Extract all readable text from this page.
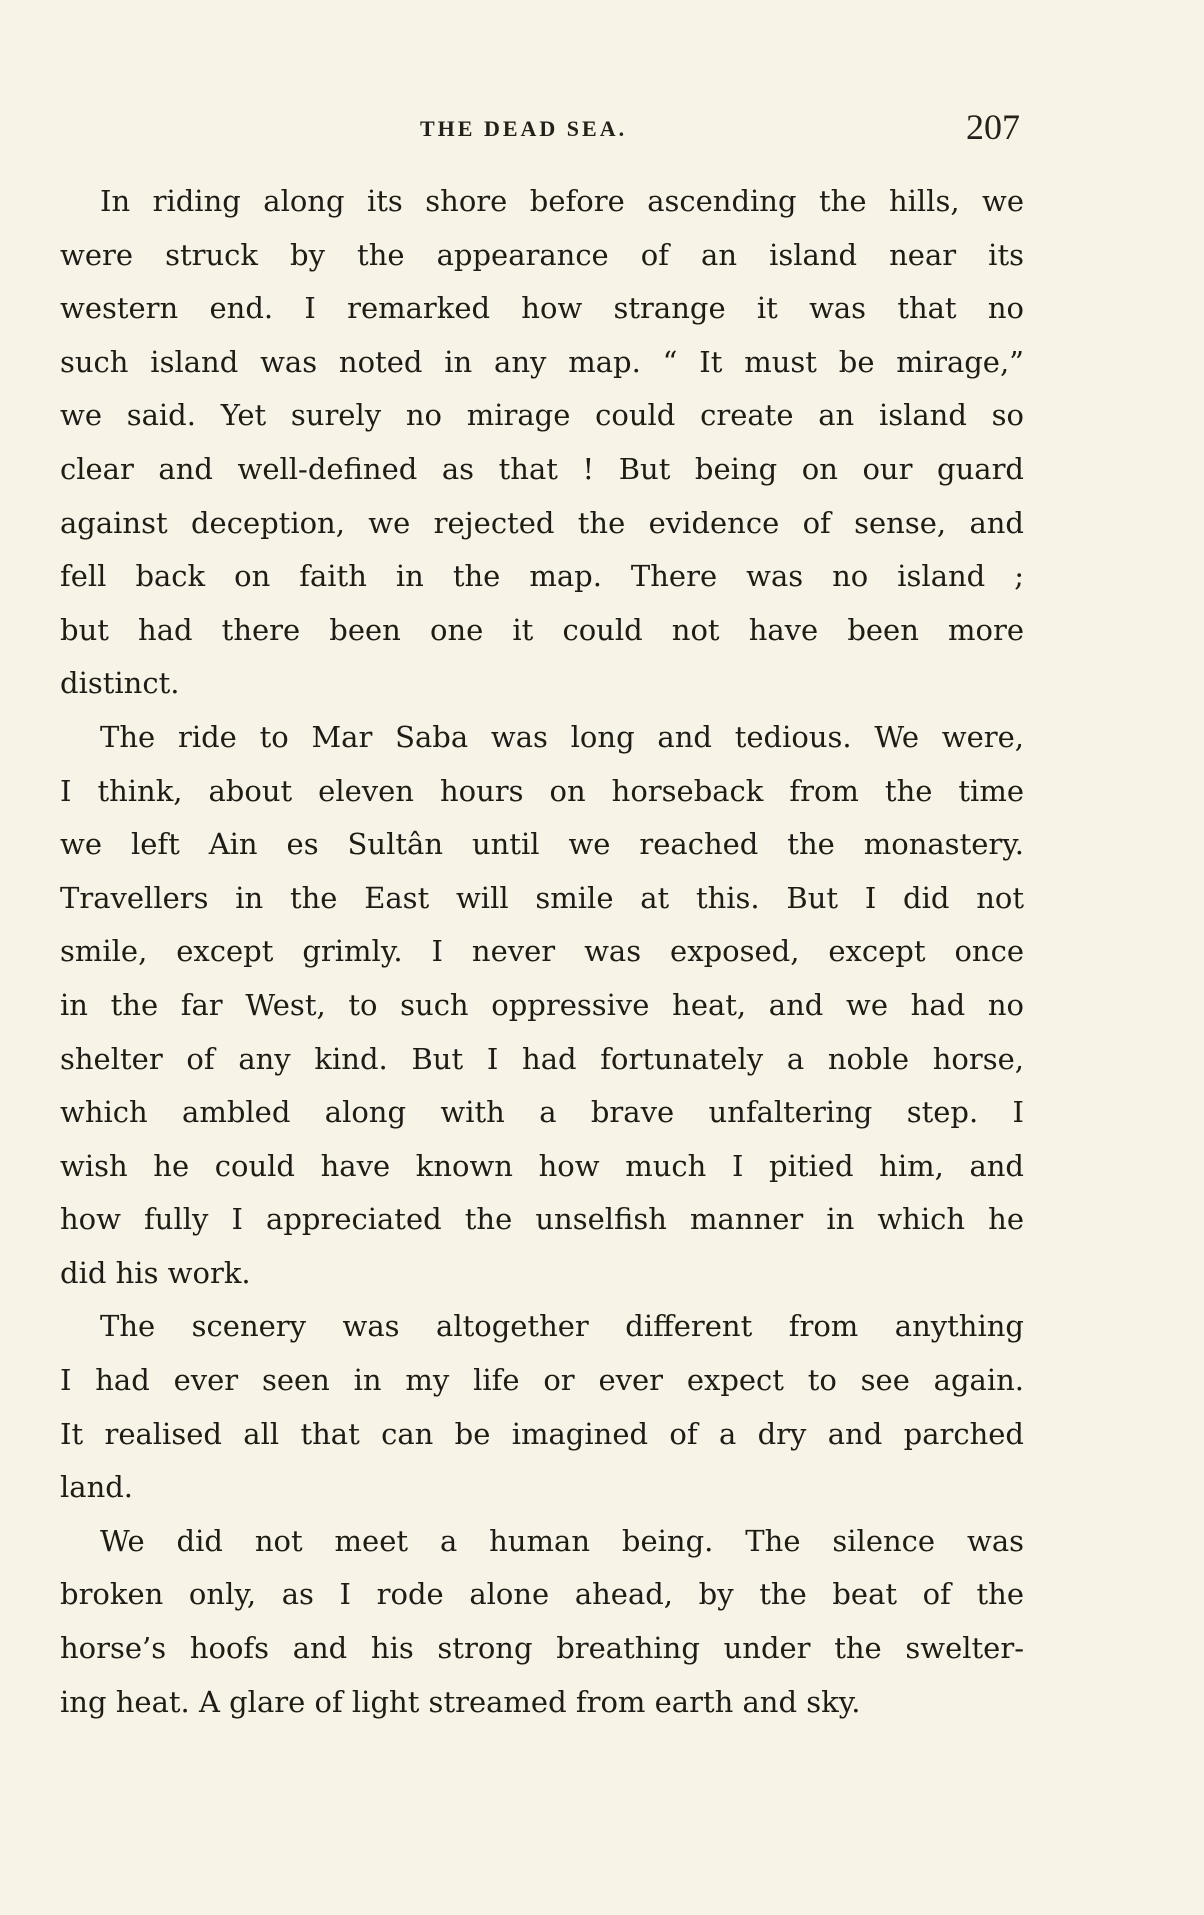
THE DEAD SEA.	207
In riding along its shore before ascending the hills, we
were struck by the appearance of an island near its
western end. I remarked how strange it was that no
such island was noted in any map. “ It must be mirage,”
we said. Yet surely no mirage could create an island so
clear and well-defined as that ! But being on our guard
against deception, we rejected the evidence of sense, and
fell back on faith in the map. There was no island ;
but had there been one it could not have been more
distinct.
The ride to Mar Saba was long and tedious. We were,
I think, about eleven hours on horseback from the time
we left Ain es Sultân until we reached the monastery.
Travellers in the East will smile at this. But I did not
smile, except grimly. I never was exposed, except once
in the far West, to such oppressive heat, and we had no
shelter of any kind. But I had fortunately a noble horse,
which ambled along with a brave unfaltering step. I
wish he could have known how much I pitied him, and
how fully I appreciated the unselfish manner in which he
did his work.
The scenery was altogether different from anything
I had ever seen in my life or ever expect to see again.
It realised all that can be imagined of a dry and parched
land.
We did not meet a human being. The silence was
broken only, as I rode alone ahead, by the beat of the
horse’s hoofs and his strong breathing under the swelter-
ing heat. A glare of light streamed from earth and sky.
